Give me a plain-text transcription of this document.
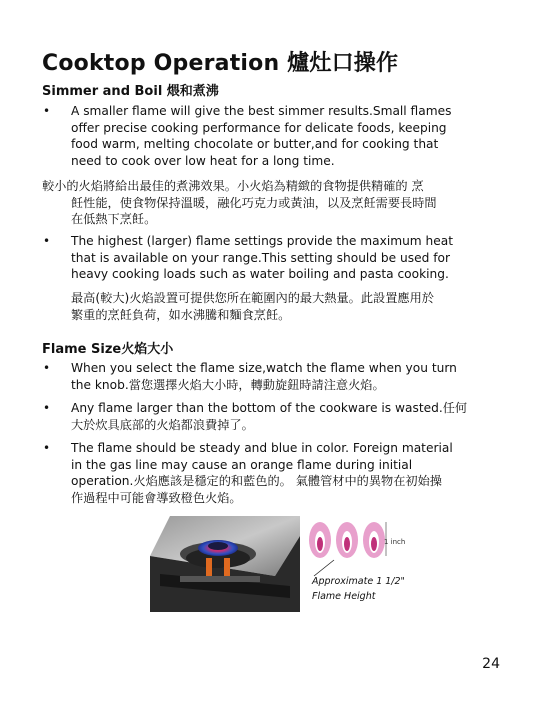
Cooktop Operation 爐灶口操作
Simmer and Boil 煨和煮沸
• A smaller flame will give the best simmer results.Small flames
offer precise cooking performance for delicate foods, keeping
food warm, melting chocolate or butter,and for cooking that
need to cook over low heat for a long time.
較小的火焰將給出最佳的煮沸效果。小火焰為精緻的食物提供精確的 烹
飪性能，使食物保持溫暖，融化巧克力或黃油，以及烹飪需要長時間
在低熱下烹飪。
• The highest (larger) flame settings provide the maximum heat
that is available on your range.This setting should be used for
heavy cooking loads such as water boiling and pasta cooking.
最高(較大)火焰設置可提供您所在範圍內的最大熱量。此設置應用於
繁重的烹飪負荷，如水沸騰和麵食烹飪。
Flame Size火焰大小
• When you select the flame size,watch the flame when you turn
the knob.當您選擇火焰大小時，轉動旋鈕時請注意火焰。
• Any flame larger than the bottom of the cookware is wasted.任何
大於炊具底部的火焰都浪費掉了。
• The flame should be steady and blue in color. Foreign material
in the gas line may cause an orange flame during initial
operation.火焰應該是穩定的和藍色的。 氣體管材中的異物在初始操
作過程中可能會導致橙色火焰。
1 inch
Approximate 1 1/2"
Flame Height
24
